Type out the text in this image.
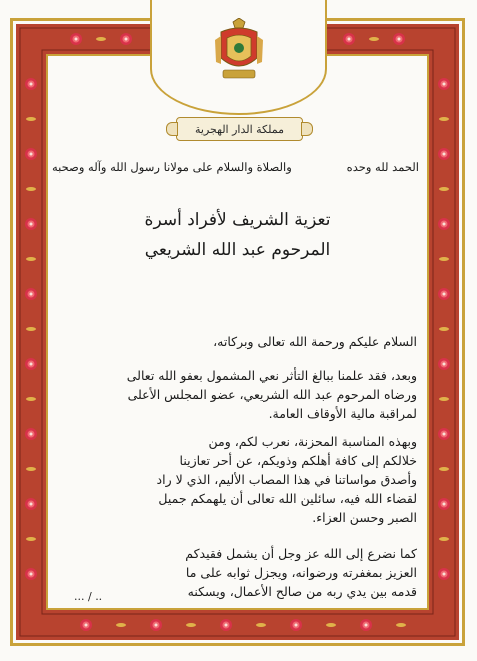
مملكة الدار الهجرية
الحمد لله وحده
والصلاة والسلام على مولانا رسول الله وآله وصحبه
تعزية الشريف لأفراد أسرة
المرحوم عبد الله الشريعي
السلام عليكم ورحمة الله تعالى وبركاته،
وبعد، فقد علمنا ببالغ التأثر نعي المشمول بعفو الله تعالى
ورضاه المرحوم عبد الله الشريعي، عضو المجلس الأعلى
لمراقبة مالية الأوقاف العامة.
وبهذه المناسبة المحزنة، نعرب لكم، ومن
خلالكم إلى كافة أهلكم وذويكم، عن أحر تعازينا
وأصدق مواساتنا في هذا المصاب الأليم، الذي لا راد
لقضاء الله فيه، سائلين الله تعالى أن يلهمكم جميل
الصبر وحسن العزاء.
كما نضرع إلى الله عز وجل أن يشمل فقيدكم
العزيز بمغفرته ورضوانه، ويجزل ثوابه على ما
قدمه بين يدي ربه من صالح الأعمال، ويسكنه
... / ..
